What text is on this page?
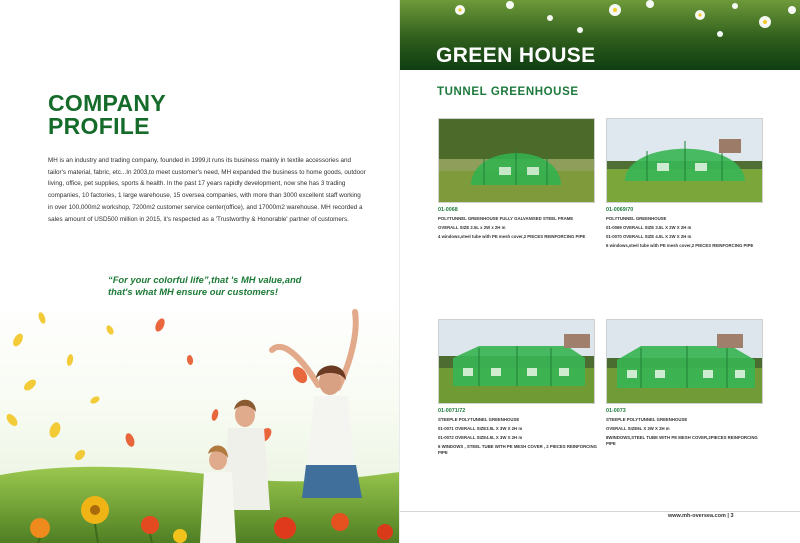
COMPANY
PROFILE

MH is an industry and trading company, founded in 1999,it runs its business mainly in textile accessories and tailor's material, fabric, etc...In 2003,to meet customer's need, MH expanded the business to home goods, outdoor living, office, pet supplies, sports & health. In the past 17 years rapidly development, now she has 3 trading companies, 10 factories, 1 large warehouse, 15 oversea companies, with more than 3000 excellent staff working in over 100,000m2 workshop, 7200m2 customer service center(office), and 17000m2 warehouse. MH recorded a sales amount of USD500 million in 2015, it's respected as a 'Trustworthy & Honorable' partner of customers.

“For your colorful life”,that 's MH value,and
that's what MH ensure our customers!

GREEN HOUSE
TUNNEL GREENHOUSE

01-0068

POLYTUNNEL GREENHOUSE FULLY GALVANISED STEEL FRAME

OVERALL SIZE 2.5L x 2W x 2H m

4 windows,steel tube with PE mesh cover,2 PIECES REINFORCING PIPE

01-0069/70

POLYTUNNEL GREENHOUSE

01-0069 OVERALL SIZE 3.5L X 2W X 2H m

01-0070 OVERALL SIZE 4.5L X 2W X 2H m

6 windows,steel tube with PE mesh cover,2 PIECES REINFORCING PIPE

01-0071/72

STEEPLE POLYTUNNEL GREENHOUSE

01-0071 OVERALL SIZE3.5L X 3W X 2H m

01-0072 OVERALL SIZE4.5L X 3W X 2H m

6 WINDOWS , STEEL TUBE WITH PE MESH COVER , 2 PIECES REINFORCING PIPE

01-0073

STEEPLE POLYTUNNEL GREENHOUSE

OVERALL SIZE6L X 3W X 2H m

8WINDOWS,STEEL TUBE WITH PE MESH COVER,2PIECES REINFORCING PIPE

www.mh-oversea.com | 3
